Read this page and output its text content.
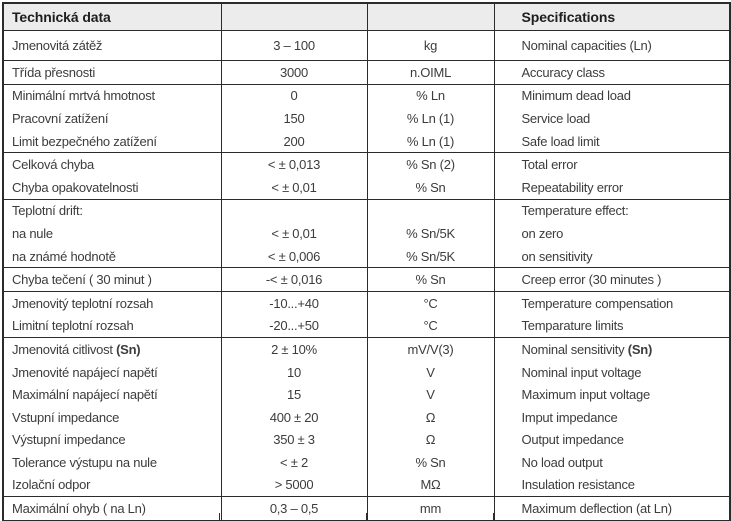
Technická data			Specifications
Jmenovitá zátěž	3 – 100	kg	Nominal capacities (Ln)
Třída přesnosti	3000	n.OIML	Accuracy class
Minimální mrtvá hmotnost	0	% Ln	Minimum dead load
Pracovní zatížení	150	% Ln (1)	Service load
Limit bezpečného zatížení	200	% Ln (1)	Safe load limit
Celková chyba	< ± 0,013	% Sn (2)	Total error
Chyba opakovatelnosti	< ± 0,01	% Sn	Repeatability error
Teplotní drift:			Temperature effect:
na nule	< ± 0,01	% Sn/5K	on zero
na známé hodnotě	< ± 0,006	% Sn/5K	on sensitivity
Chyba tečení ( 30 minut )	-< ± 0,016	% Sn	Creep error (30 minutes )
Jmenovitý teplotní rozsah	-10...+40	°C	Temperature compensation
Limitní teplotní rozsah	-20...+50	°C	Temparature limits
Jmenovitá citlivost (Sn)	2 ± 10%	mV/V(3)	Nominal sensitivity (Sn)
Jmenovité napájecí napětí	10	V	Nominal input voltage
Maximální napájecí napětí	15	V	Maximum input voltage
Vstupní impedance	400 ± 20	Ω	Imput impedance
Výstupní impedance	350 ± 3	Ω	Output impedance
Tolerance výstupu na nule	< ± 2	% Sn	No load output
Izolační odpor	> 5000	MΩ	Insulation resistance
Maximální ohyb ( na Ln)	0,3 – 0,5	mm	Maximum deflection (at Ln)
